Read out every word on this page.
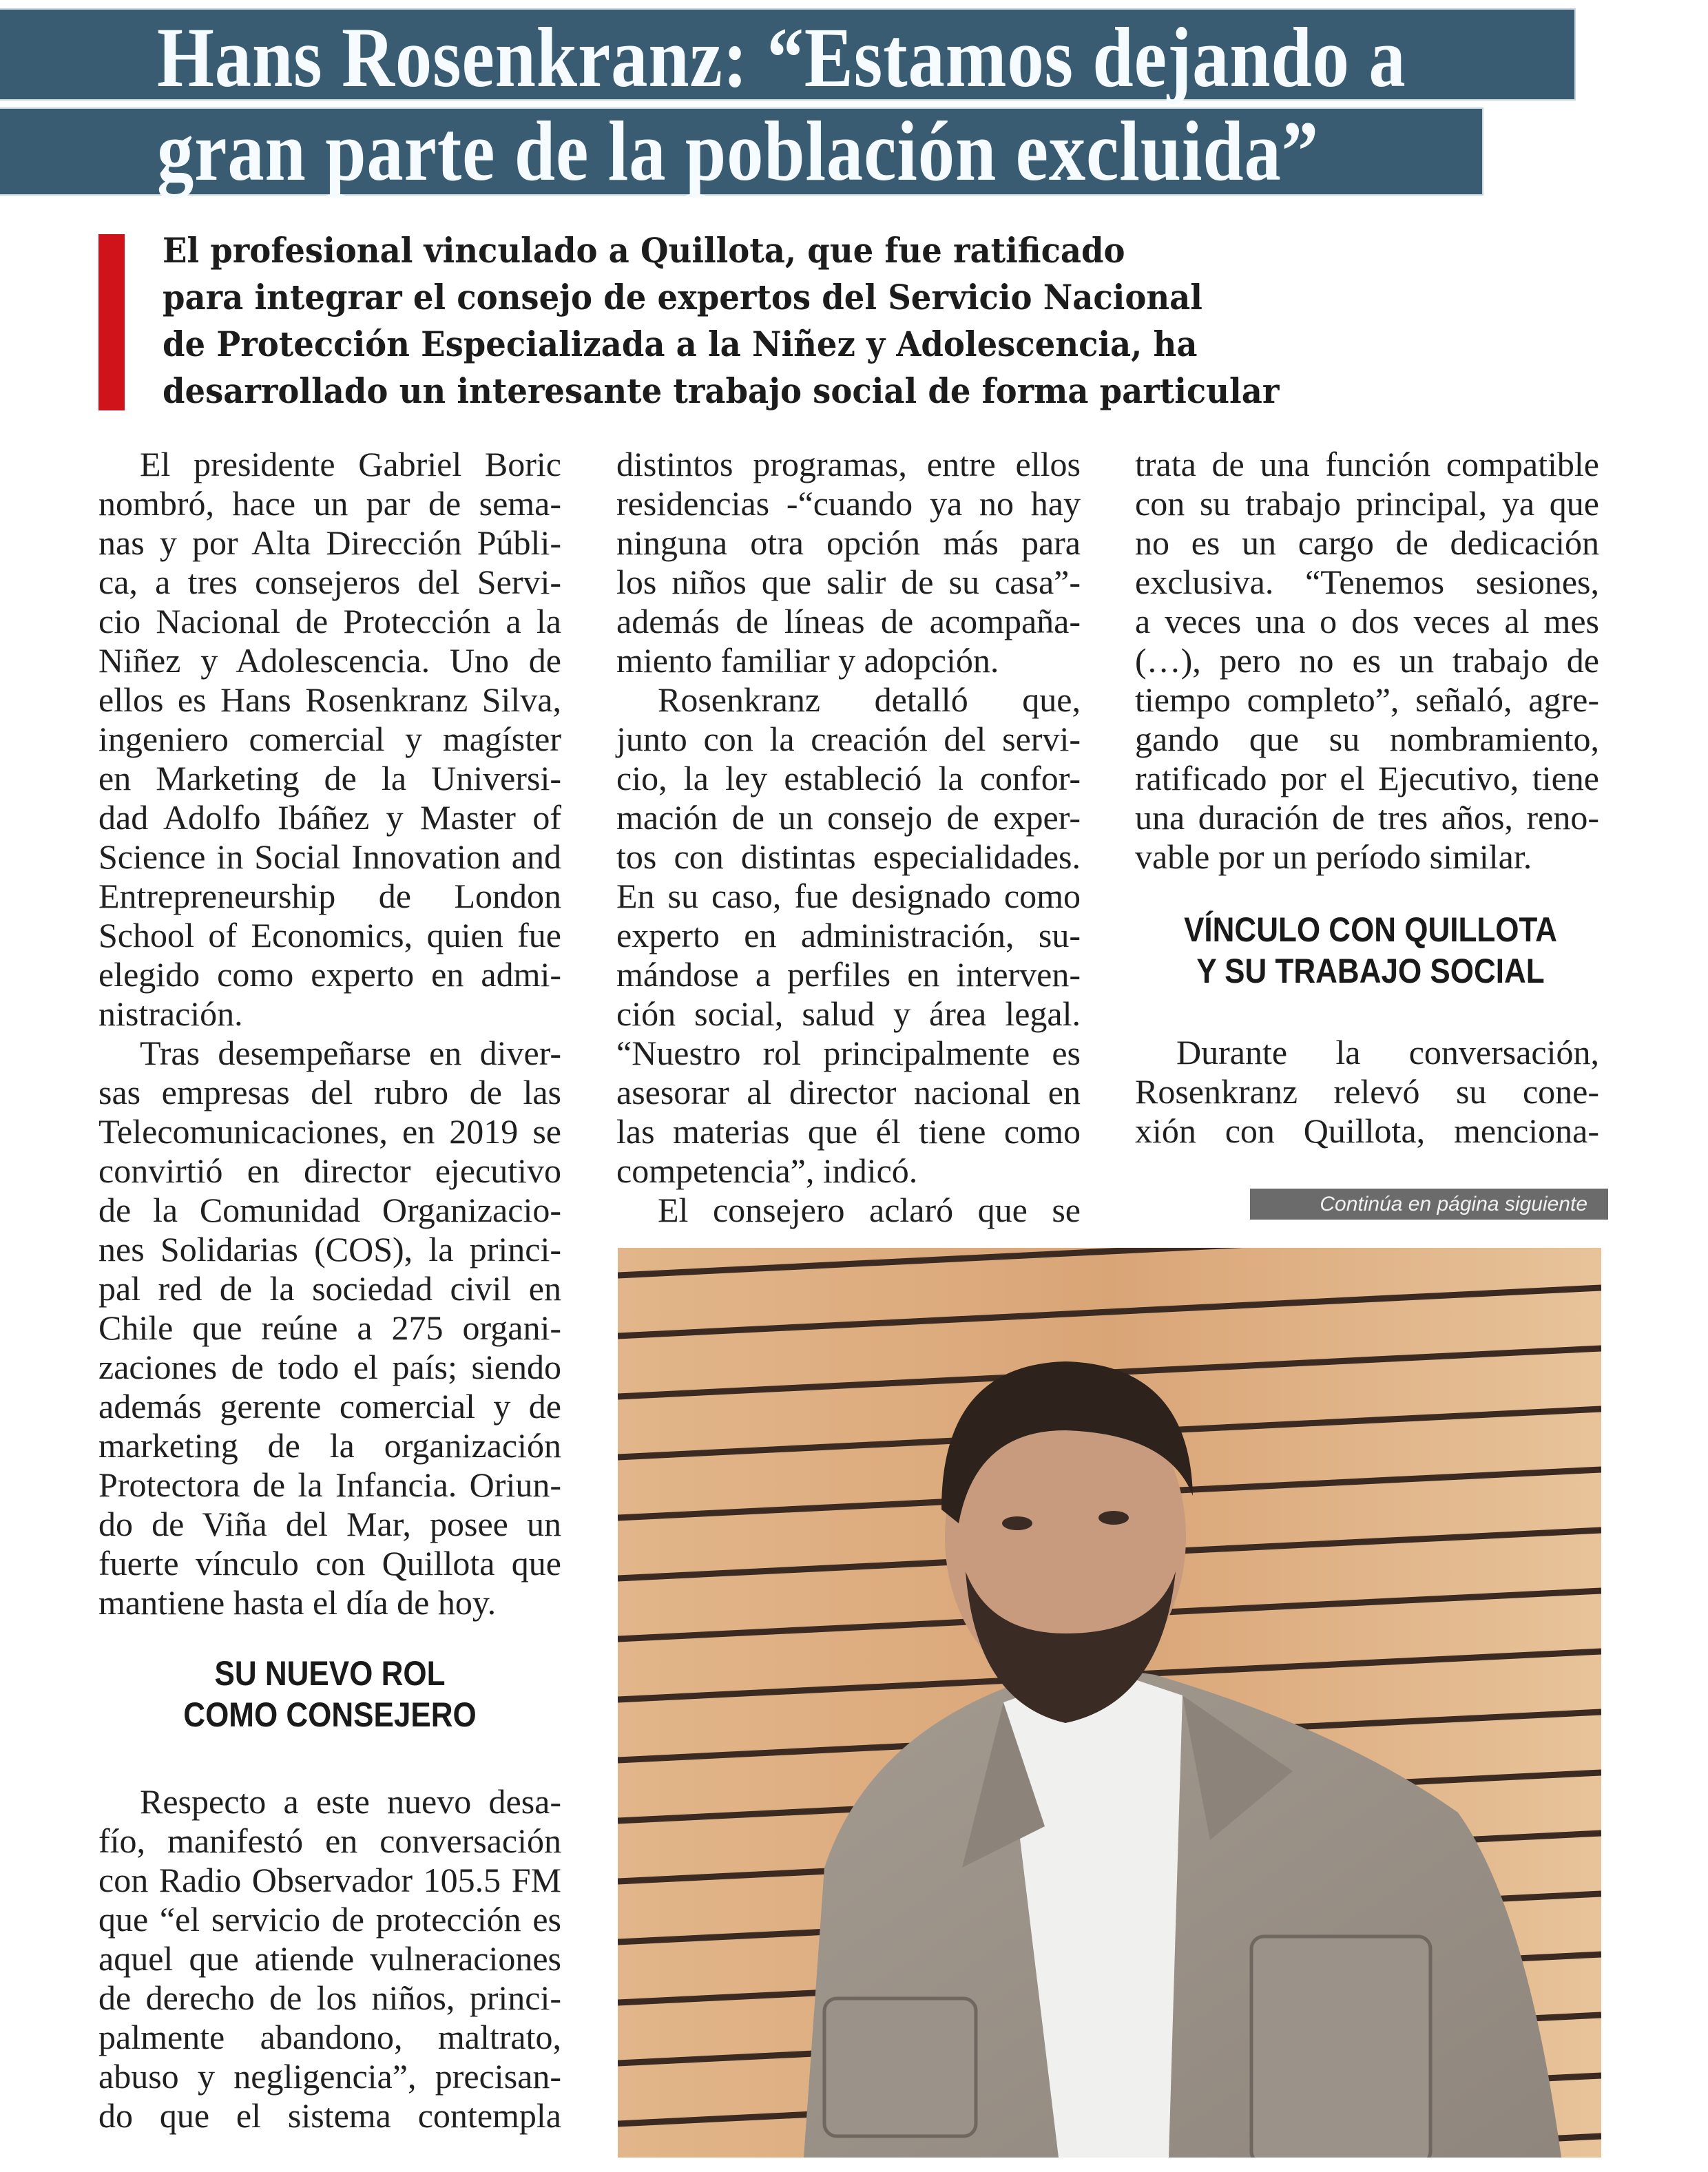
Hans Rosenkranz: “Estamos dejando a
gran parte de la población excluida”
El profesional vinculado a Quillota, que fue ratificado
para integrar el consejo de expertos del Servicio Nacional
de Protección Especializada a la Niñez y Adolescencia, ha
desarrollado un interesante trabajo social de forma particular
El presidente Gabriel Boric
nombró, hace un par de sema-
nas y por Alta Dirección Públi-
ca, a tres consejeros del Servi-
cio Nacional de Protección a la
Niñez y Adolescencia. Uno de
ellos es Hans Rosenkranz Silva,
ingeniero comercial y magíster
en Marketing de la Universi-
dad Adolfo Ibáñez y Master of
Science in Social Innovation and
Entrepreneurship de London
School of Economics, quien fue
elegido como experto en admi-
nistración.
Tras desempeñarse en diver-
sas empresas del rubro de las
Telecomunicaciones, en 2019 se
convirtió en director ejecutivo
de la Comunidad Organizacio-
nes Solidarias (COS), la princi-
pal red de la sociedad civil en
Chile que reúne a 275 organi-
zaciones de todo el país; siendo
además gerente comercial y de
marketing de la organización
Protectora de la Infancia. Oriun-
do de Viña del Mar, posee un
fuerte vínculo con Quillota que
mantiene hasta el día de hoy.
SU NUEVO ROL
COMO CONSEJERO
Respecto a este nuevo desa-
fío, manifestó en conversación
con Radio Observador 105.5 FM
que “el servicio de protección es
aquel que atiende vulneraciones
de derecho de los niños, princi-
palmente abandono, maltrato,
abuso y negligencia”, precisan-
do que el sistema contempla
distintos programas, entre ellos
residencias -“cuando ya no hay
ninguna otra opción más para
los niños que salir de su casa”-
además de líneas de acompaña-
miento familiar y adopción.
Rosenkranz detalló que,
junto con la creación del servi-
cio, la ley estableció la confor-
mación de un consejo de exper-
tos con distintas especialidades.
En su caso, fue designado como
experto en administración, su-
mándose a perfiles en interven-
ción social, salud y área legal.
“Nuestro rol principalmente es
asesorar al director nacional en
las materias que él tiene como
competencia”, indicó.
El consejero aclaró que se
trata de una función compatible
con su trabajo principal, ya que
no es un cargo de dedicación
exclusiva. “Tenemos sesiones,
a veces una o dos veces al mes
(…), pero no es un trabajo de
tiempo completo”, señaló, agre-
gando que su nombramiento,
ratificado por el Ejecutivo, tiene
una duración de tres años, reno-
vable por un período similar.
VÍNCULO CON QUILLOTA
Y SU TRABAJO SOCIAL
Durante la conversación,
Rosenkranz relevó su cone-
xión con Quillota, menciona-
Continúa en página siguiente
